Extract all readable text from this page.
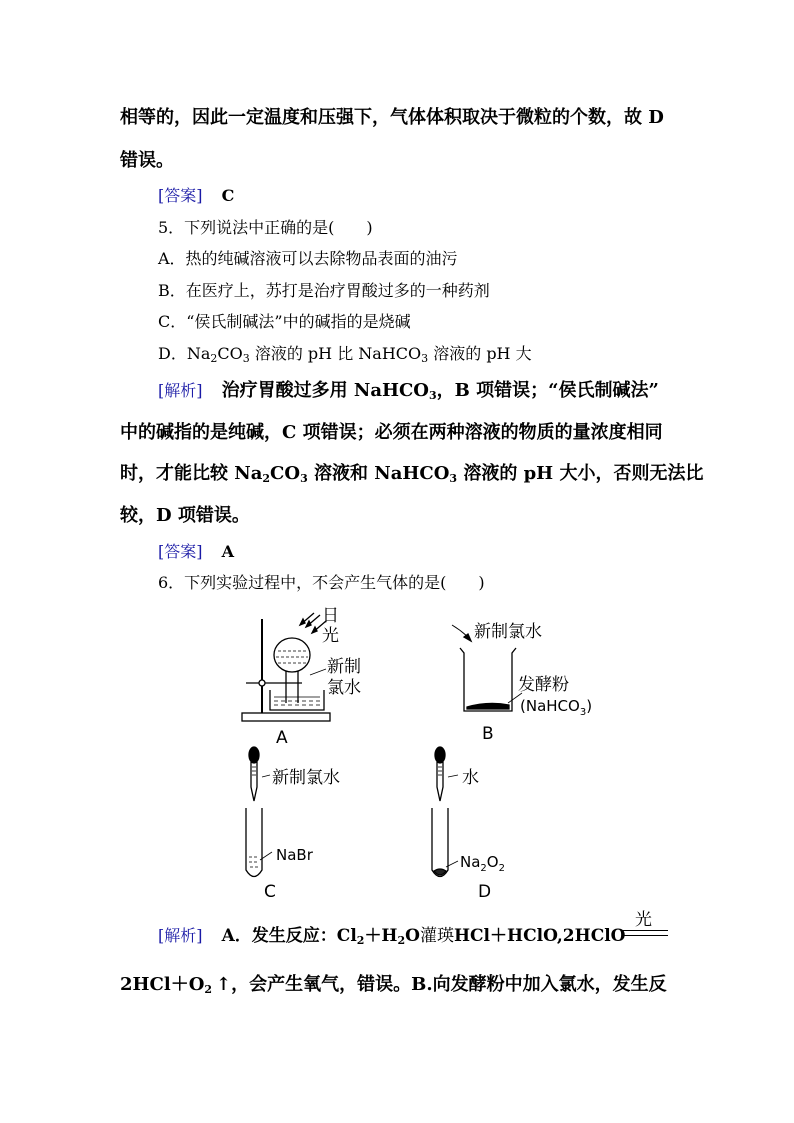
相等的，因此一定温度和压强下，气体体积取决于微粒的个数，故 D
错误。
[答案] C
5．下列说法中正确的是(　　)
A．热的纯碱溶液可以去除物品表面的油污
B．在医疗上，苏打是治疗胃酸过多的一种药剂
C．“侯氏制碱法”中的碱指的是烧碱
D．$Na_2CO_3$ 溶液的 pH 比 NaHCO$_3$ 溶液的 pH 大
[解析] 治疗胃酸过多用 NaHCO$_3$，B 项错误；“侯氏制碱法”
中的碱指的是纯碱，C 项错误；必须在两种溶液的物质的量浓度相同
时，才能比较 $Na_2CO_3$ 溶液和 NaHCO$_3$ 溶液的 pH 大小，否则无法比
较，D 项错误。
[答案] A
6．下列实验过程中，不会产生气体的是(　　)
日
光
新制
氯水
A
新制氯水
发酵粉
(NaHCO$_3$)
B
新制氯水
NaBr
C
水
$Na_2O_2$
D
[解析] A．发生反应：$Cl_2+H_2O$灌瑛HCl＋HClO,2HClO
光
$2HCl+O_2$ ↑，会产生氧气，错误。B.向发酵粉中加入氯水，发生反
